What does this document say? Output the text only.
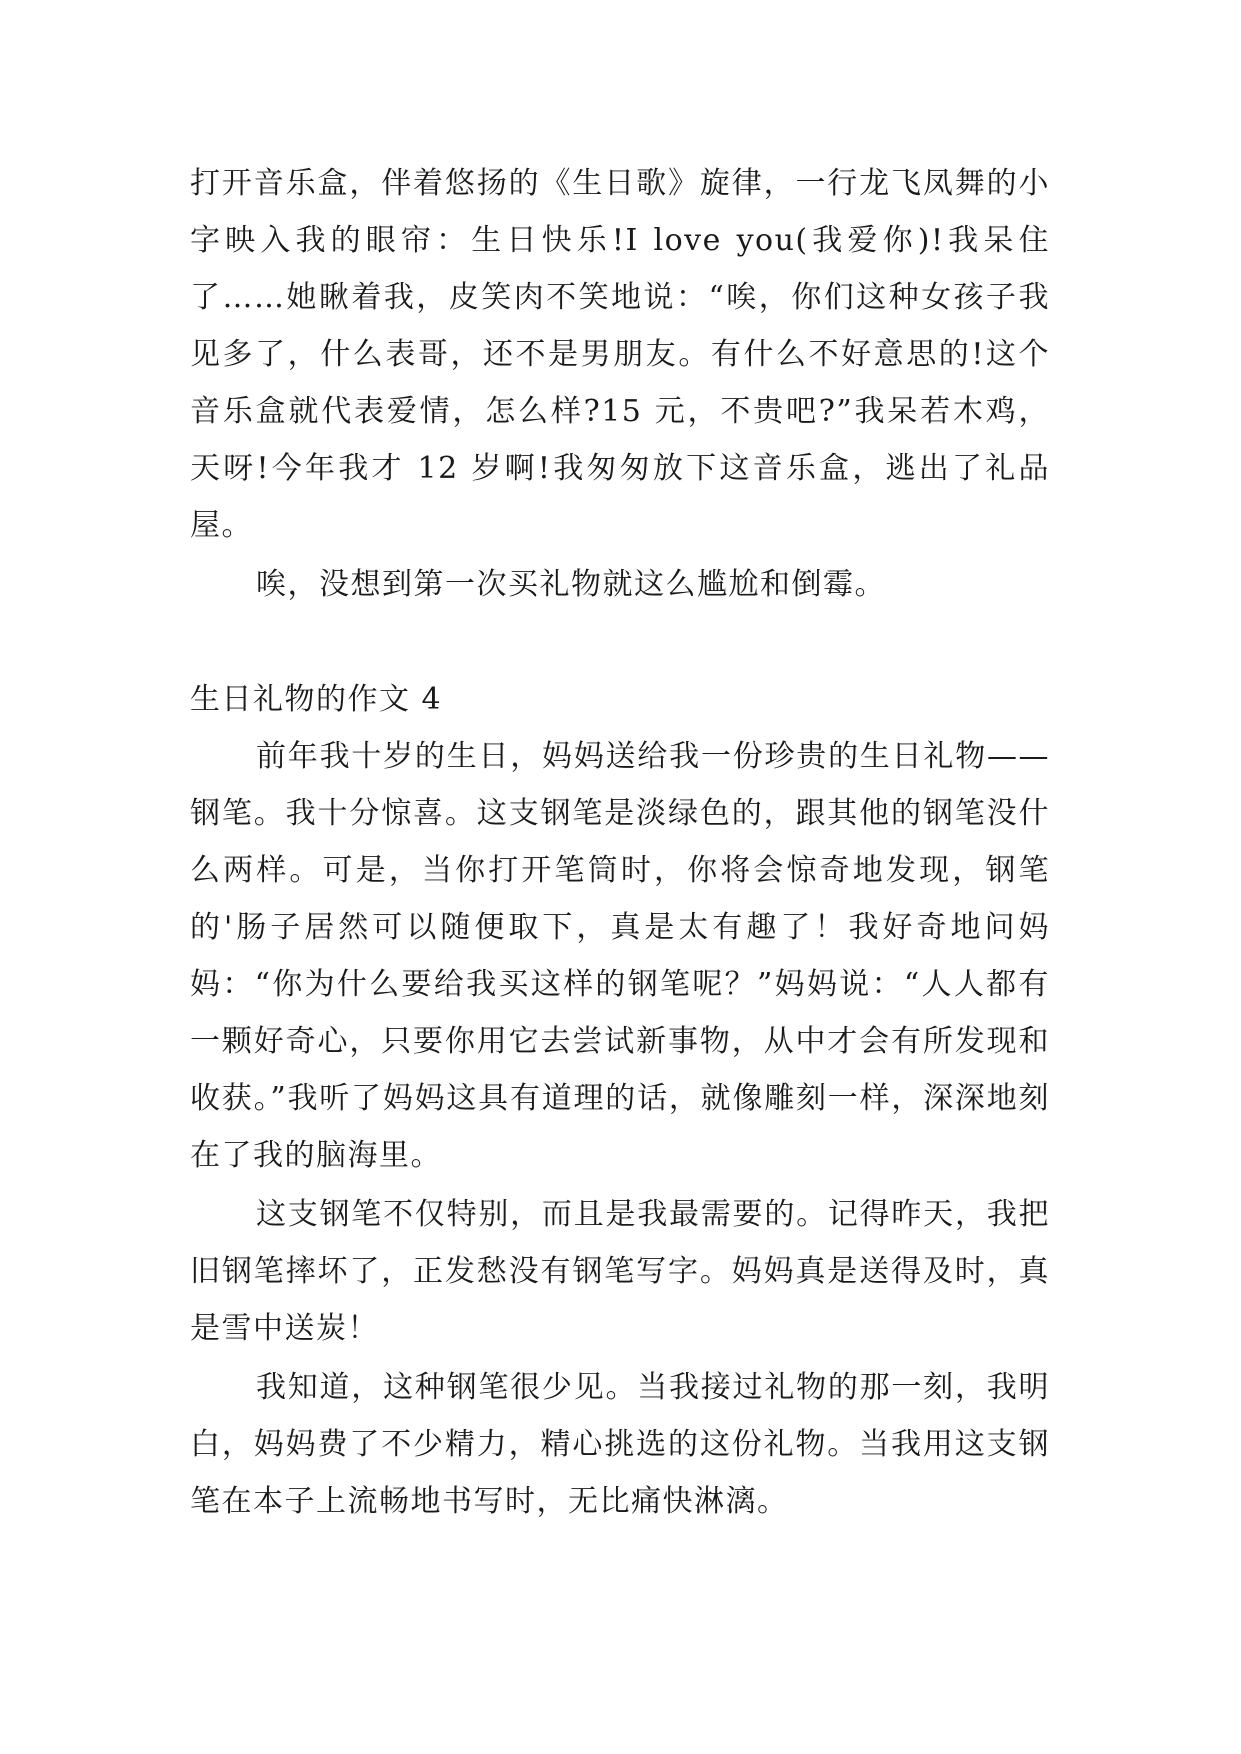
打开音乐盒，伴着悠扬的《生日歌》旋律，一行龙飞凤舞的小字映入我的眼帘：生日快乐!I love you(我爱你)!我呆住了……她瞅着我，皮笑肉不笑地说：“唉，你们这种女孩子我见多了，什么表哥，还不是男朋友。有什么不好意思的!这个音乐盒就代表爱情，怎么样?15 元，不贵吧?”我呆若木鸡，天呀!今年我才 12 岁啊!我匆匆放下这音乐盒，逃出了礼品屋。

唉，没想到第一次买礼物就这么尴尬和倒霉。

生日礼物的作文 4

前年我十岁的生日，妈妈送给我一份珍贵的生日礼物——钢笔。我十分惊喜。这支钢笔是淡绿色的，跟其他的钢笔没什么两样。可是，当你打开笔筒时，你将会惊奇地发现，钢笔的'肠子居然可以随便取下，真是太有趣了！我好奇地问妈妈：“你为什么要给我买这样的钢笔呢？”妈妈说：“人人都有一颗好奇心，只要你用它去尝试新事物，从中才会有所发现和收获。”我听了妈妈这具有道理的话，就像雕刻一样，深深地刻在了我的脑海里。

这支钢笔不仅特别，而且是我最需要的。记得昨天，我把旧钢笔摔坏了，正发愁没有钢笔写字。妈妈真是送得及时，真是雪中送炭！

我知道，这种钢笔很少见。当我接过礼物的那一刻，我明白，妈妈费了不少精力，精心挑选的这份礼物。当我用这支钢笔在本子上流畅地书写时，无比痛快淋漓。
